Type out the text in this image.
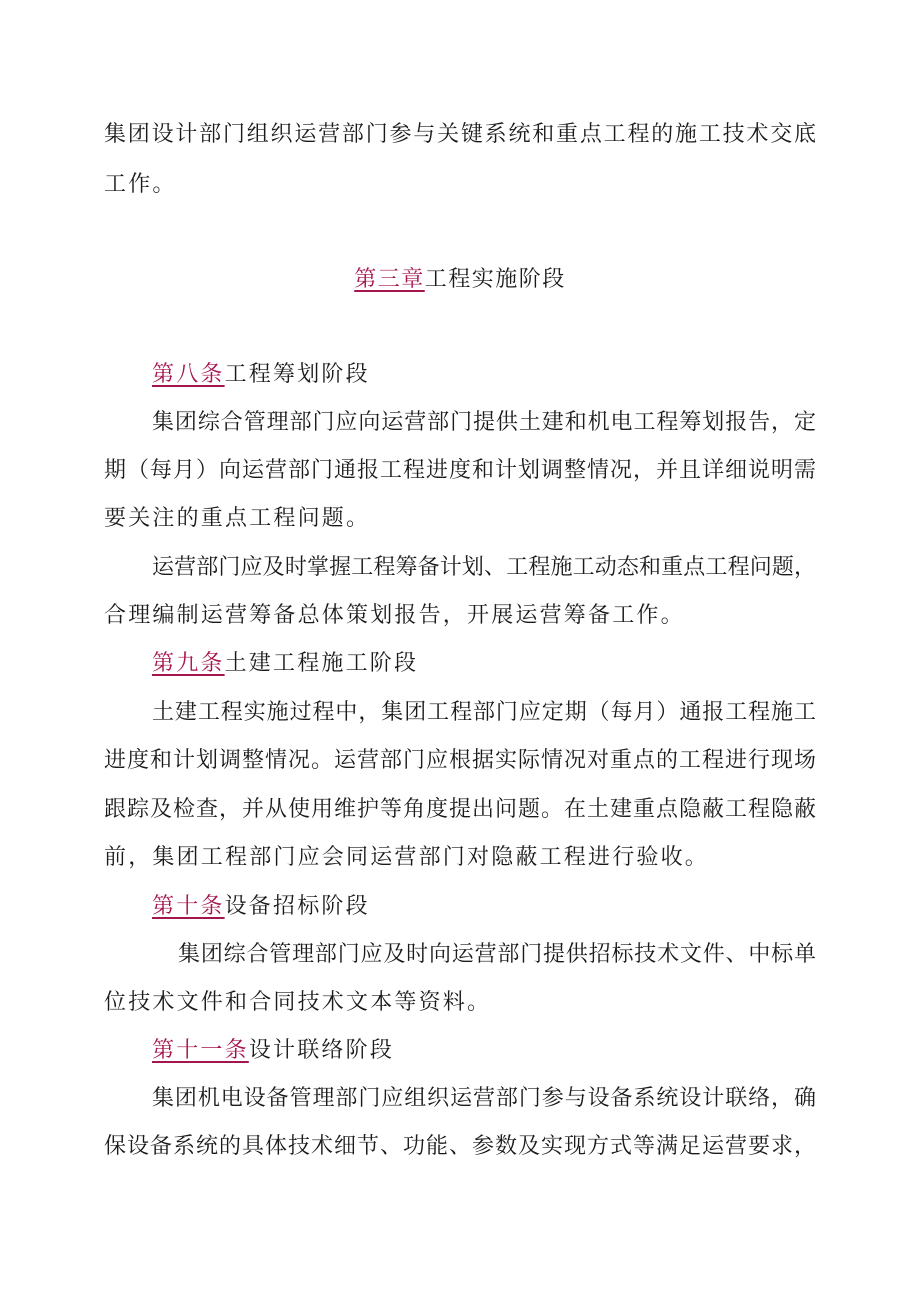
集团设计部门组织运营部门参与关键系统和重点工程的施工技术交底
工作。
第三章工程实施阶段
第八条工程筹划阶段
集团综合管理部门应向运营部门提供土建和机电工程筹划报告，定
期（每月）向运营部门通报工程进度和计划调整情况，并且详细说明需
要关注的重点工程问题。
运营部门应及时掌握工程筹备计划、工程施工动态和重点工程问题，
合理编制运营筹备总体策划报告，开展运营筹备工作。
第九条土建工程施工阶段
土建工程实施过程中，集团工程部门应定期（每月）通报工程施工
进度和计划调整情况。运营部门应根据实际情况对重点的工程进行现场
跟踪及检查，并从使用维护等角度提出问题。在土建重点隐蔽工程隐蔽
前，集团工程部门应会同运营部门对隐蔽工程进行验收。
第十条设备招标阶段
集团综合管理部门应及时向运营部门提供招标技术文件、中标单
位技术文件和合同技术文本等资料。
第十一条设计联络阶段
集团机电设备管理部门应组织运营部门参与设备系统设计联络，确
保设备系统的具体技术细节、功能、参数及实现方式等满足运营要求，
